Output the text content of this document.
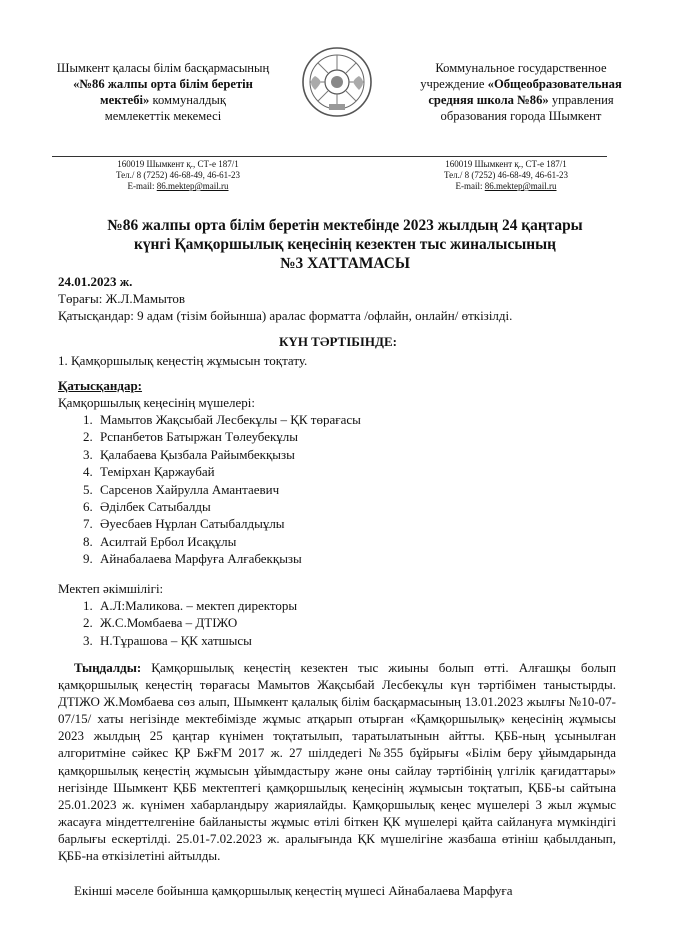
Шымкент қаласы білім басқармасының
«№86 жалпы орта білім беретін
мектебі» коммуналдық
мемлекеттік мекемесі
Коммунальное государственное
учреждение «Общеобразовательная
средняя школа №86» управления
образования города Шымкент
160019 Шымкент қ., СТ-е 187/1
Тел./ 8 (7252) 46-68-49, 46-61-23
E-mail: 86.mektep@mail.ru
160019 Шымкент қ., СТ-е 187/1
Тел./ 8 (7252) 46-68-49, 46-61-23
E-mail: 86.mektep@mail.ru
№86 жалпы орта білім беретін мектебінде 2023 жылдың 24 қаңтары
күнгі Қамқоршылық кеңесінің кезектен тыс жиналысының
№3 ХАТТАМАСЫ
24.01.2023 ж.
Төрағы: Ж.Л.Мамытов
Қатысқандар: 9 адам (тізім бойынша) аралас форматта /офлайн, онлайн/ өткізілді.
КҮН ТӘРТІБІНДЕ:
1. Қамқоршылық кеңестің жұмысын тоқтату.
Қатысқандар:
Қамқоршылық кеңесінің мүшелері:
1. Мамытов Жақсыбай Лесбекұлы – ҚК төрағасы
2. Рспанбетов Батыржан Төлеубекұлы
3. Қалабаева Қызбала Райымбекқызы
4. Темірхан Қаржаубай
5. Сарсенов Хайрулла Амантаевич
6. Әділбек Сатыбалды
7. Әуесбаев Нұрлан Сатыбалдыұлы
8. Асилтай Ербол Исақұлы
9. Айнабалаева Марфуға Алғабекқызы
Мектеп әкімшілігі:
1. А.Л:Маликова. – мектеп директоры
2. Ж.С.Момбаева – ДТІЖО
3. Н.Тұрашова – ҚК хатшысы
Тыңдалды: Қамқоршылық кеңестің кезектен тыс жиыны болып өтті. Алғашқы болып қамқоршылық кеңестің төрағасы Мамытов Жақсыбай Лесбекұлы күн тәртібімен таныстырды. ДТІЖО Ж.Момбаева сөз алып, Шымкент қалалық білім басқармасының 13.01.2023 жылғы №10-07-07/15/ хаты негізінде мектебімізде жұмыс атқарып отырған «Қамқоршылық» кеңесінің жұмысы 2023 жылдың 25 қаңтар күнімен тоқтатылып, таратылатынын айтты. ҚББ-ның ұсынылған алгоритміне сәйкес ҚР БжҒМ 2017 ж. 27 шілдедегі №355 бұйрығы «Білім беру ұйымдарында қамқоршылық кеңестің жұмысын ұйымдастыру және оны сайлау тәртібінің үлгілік қағидаттары» негізінде Шымкент ҚББ мектептегі қамқоршылық кеңесінің жұмысын тоқтатып, ҚББ-ы сайтына 25.01.2023 ж. күнімен хабарландыру жариялайды. Қамқоршылық кеңес мүшелері 3 жыл жұмыс жасауға міндеттелгеніне байланысты жұмыс өтілі біткен ҚК мүшелері қайта сайлануға мүмкіндігі барлығы ескертілді. 25.01-7.02.2023 ж. аралығында ҚК мүшелігіне жазбаша өтініш қабылданып, ҚББ-на өткізілетіні айтылды.
Екінші мәселе бойынша қамқоршылық кеңестің мүшесі Айнабалаева Марфуға
